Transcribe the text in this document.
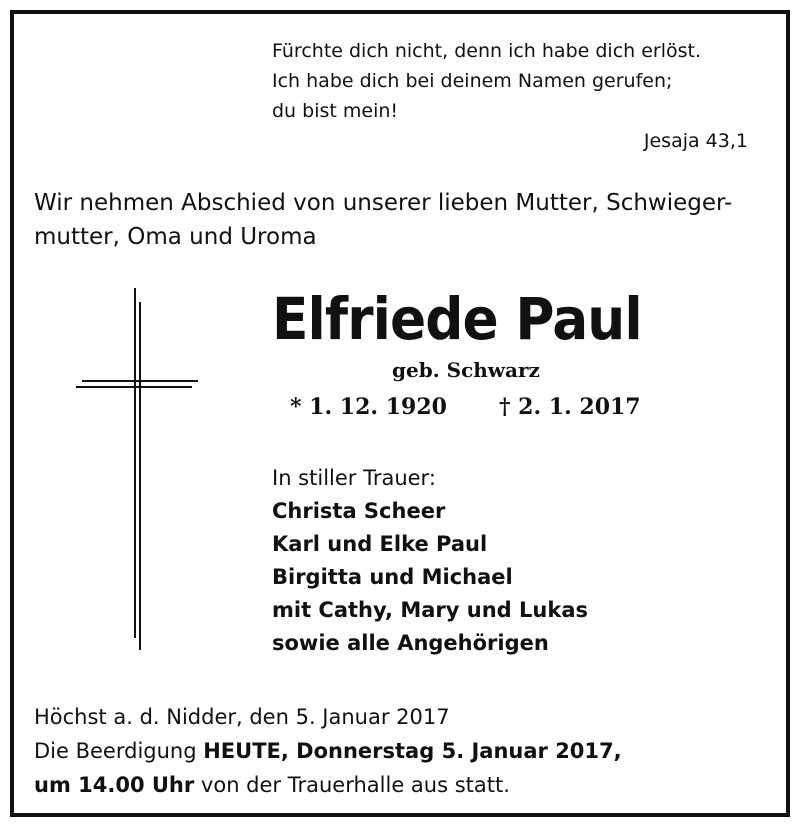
Fürchte dich nicht, denn ich habe dich erlöst.
Ich habe dich bei deinem Namen gerufen;
du bist mein!
Jesaja 43,1
Wir nehmen Abschied von unserer lieben Mutter, Schwieger-mutter, Oma und Uroma
Elfriede Paul
geb. Schwarz
* 1. 12. 1920 † 2. 1. 2017
In stiller Trauer:
Christa Scheer
Karl und Elke Paul
Birgitta und Michael
mit Cathy, Mary und Lukas
sowie alle Angehörigen
Höchst a. d. Nidder, den 5. Januar 2017
Die Beerdigung HEUTE, Donnerstag 5. Januar 2017,
um 14.00 Uhr von der Trauerhalle aus statt.
